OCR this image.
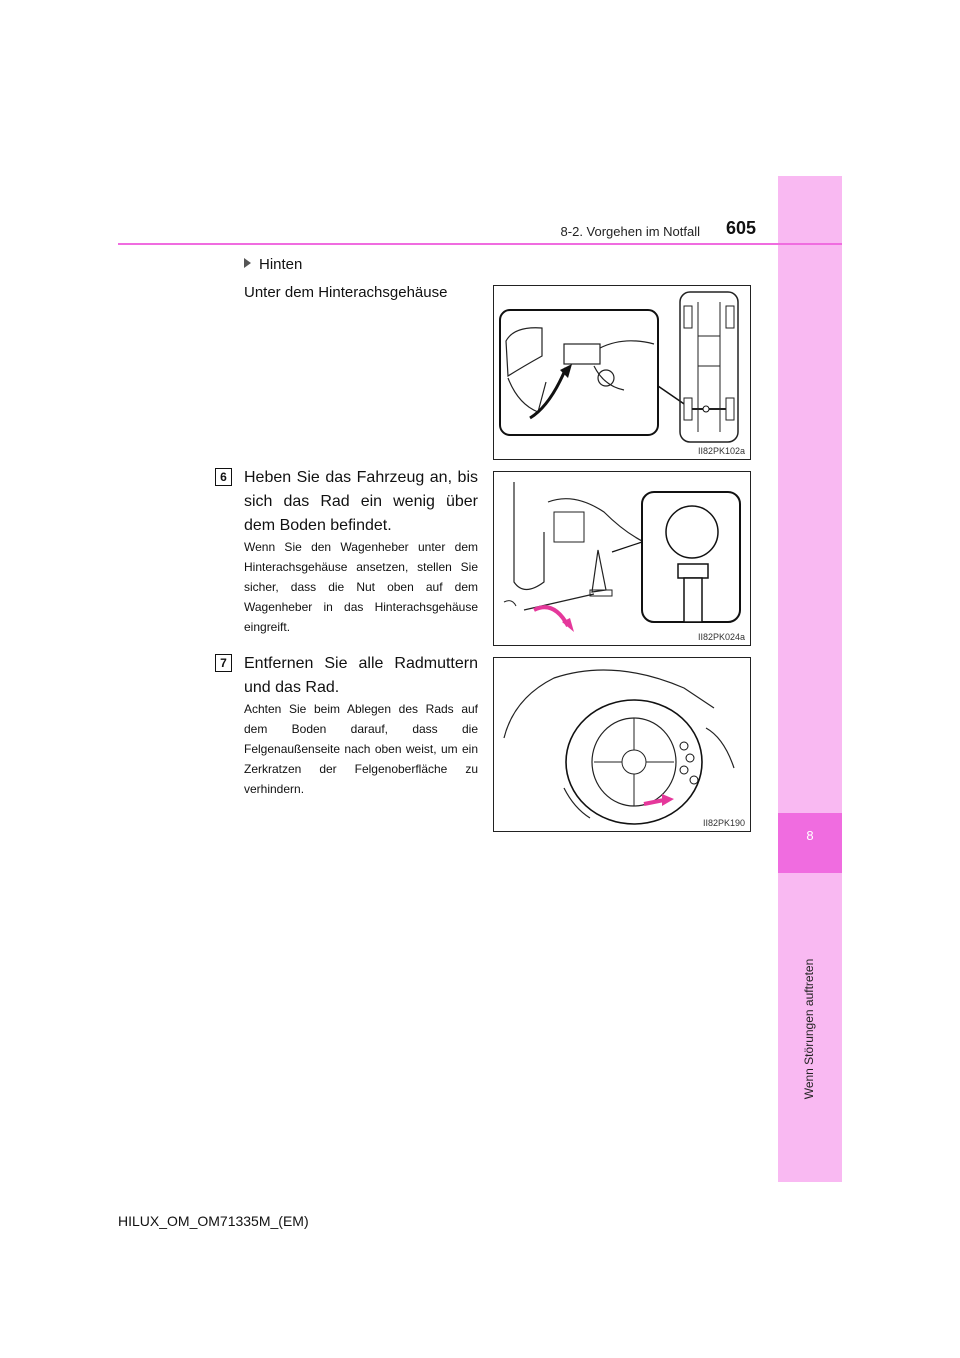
8
Wenn Störungen auftreten
8-2. Vorgehen im Notfall	605
Hinten
Unter dem Hinterachsgehäuse
II82PK102a
6	Heben Sie das Fahrzeug an, bis sich das Rad ein wenig über dem Boden befindet.
Wenn Sie den Wagenheber unter dem Hinterachsgehäuse ansetzen, stellen Sie sicher, dass die Nut oben auf dem Wagenheber in das Hinterachsgehäuse eingreift.
II82PK024a
7	Entfernen Sie alle Radmuttern und das Rad.
Achten Sie beim Ablegen des Rads auf dem Boden darauf, dass die Felgenaußenseite nach oben weist, um ein Zerkratzen der Felgenoberfläche zu verhindern.
II82PK190
HILUX_OM_OM71335M_(EM)
